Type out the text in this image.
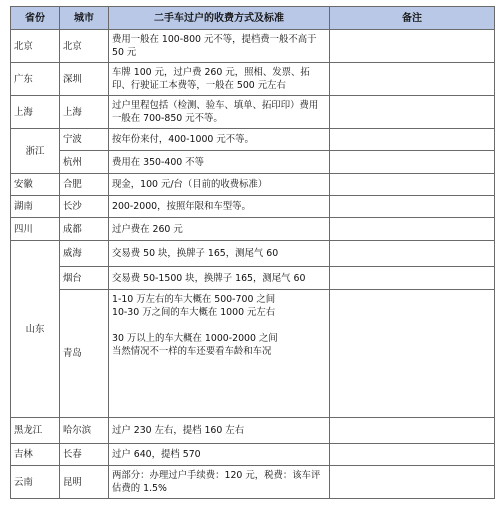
省份	城市	二手车过户的收费方式及标准	备注
北京	北京	费用一般在 100-800 元不等，提档费一般不高于 50 元	
广东	深圳	车牌 100 元，过户费 260 元，照相、发票、拓印、行驶证工本费等，一般在 500 元左右	
上海	上海	过户里程包括（检测、验车、填单、拓印印）费用一般在 700-850 元不等。	
浙江	宁波	按年份来付，400-1000 元不等。	
	杭州	费用在 350-400 不等	
安徽	合肥	现金，100 元/台（目前的收费标准）	
湖南	长沙	200-2000，按照年限和车型等。	
四川	成都	过户费在 260 元	
山东	威海	交易费 50 块，换牌子 165，测尾气 60	
	烟台	交易费 50-1500 块，换牌子 165，测尾气 60	
	青岛	1-10 万左右的车大概在 500-700 之间
10-30 万之间的车大概在 1000 元左右
30 万以上的车大概在 1000-2000 之间
当然情况不一样的车还要看车龄和车况	

黑龙江	哈尔滨	过户 230 左右，提档 160 左右	
吉林	长春	过户 640，提档 570	
云南	昆明	两部分：办理过户手续费：120 元，税费：该车评估费的 1.5%	
